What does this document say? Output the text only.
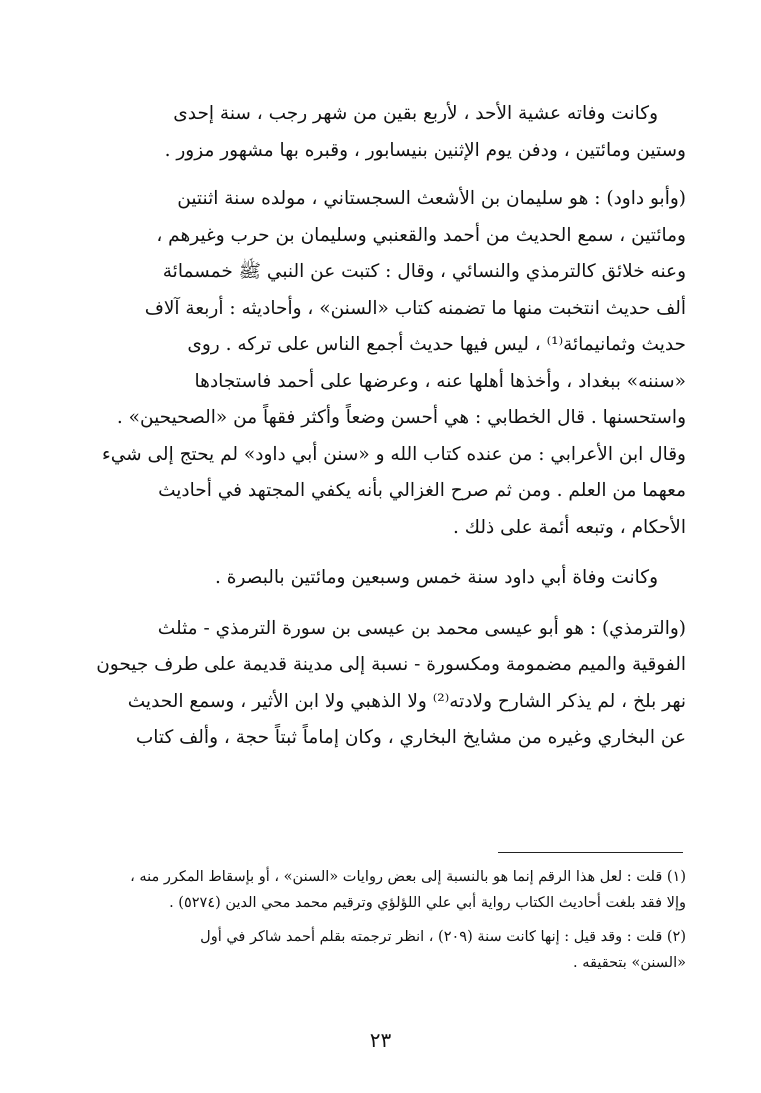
وكانت وفاته عشية الأحد ، لأربع بقين من شهر رجب ، سنة إحدى
وستين ومائتين ، ودفن يوم الإثنين بنيسابور ، وقبره بها مشهور مزور .

(وأبو داود) : هو سليمان بن الأشعث السجستاني ، مولده سنة اثنتين
ومائتين ، سمع الحديث من أحمد والقعنبي وسليمان بن حرب وغيرهم ،
وعنه خلائق كالترمذي والنسائي ، وقال : كتبت عن النبي ﷺ خمسمائة
ألف حديث انتخبت منها ما تضمنه كتاب «السنن» ، وأحاديثه : أربعة آلاف
حديث وثمانيمائة⁽¹⁾ ، ليس فيها حديث أجمع الناس على تركه . روى
«سننه» ببغداد ، وأخذها أهلها عنه ، وعرضها على أحمد فاستجادها
واستحسنها . قال الخطابي : هي أحسن وضعاً وأكثر فقهاً من «الصحيحين» .
وقال ابن الأعرابي : من عنده كتاب الله و «سنن أبي داود» لم يحتج إلى شيء
معهما من العلم . ومن ثم صرح الغزالي بأنه يكفي المجتهد في أحاديث
الأحكام ، وتبعه أئمة على ذلك .

وكانت وفاة أبي داود سنة خمس وسبعين ومائتين بالبصرة .

(والترمذي) : هو أبو عيسى محمد بن عيسى بن سورة الترمذي - مثلث
الفوقية والميم مضمومة ومكسورة - نسبة إلى مدينة قديمة على طرف جيحون
نهر بلخ ، لم يذكر الشارح ولادته⁽²⁾ ولا الذهبي ولا ابن الأثير ، وسمع الحديث
عن البخاري وغيره من مشايخ البخاري ، وكان إماماً ثبتاً حجة ، وألف كتاب

(١) قلت : لعل هذا الرقم إنما هو بالنسبة إلى بعض روايات «السنن» ، أو بإسقاط المكرر منه ،
وإلا فقد بلغت أحاديث الكتاب رواية أبي علي اللؤلؤي وترقيم محمد محي الدين (٥٢٧٤) .

(٢) قلت : وقد قيل : إنها كانت سنة (٢٠٩) ، انظر ترجمته بقلم أحمد شاكر في أول
«السنن» بتحقيقه .

٢٣
